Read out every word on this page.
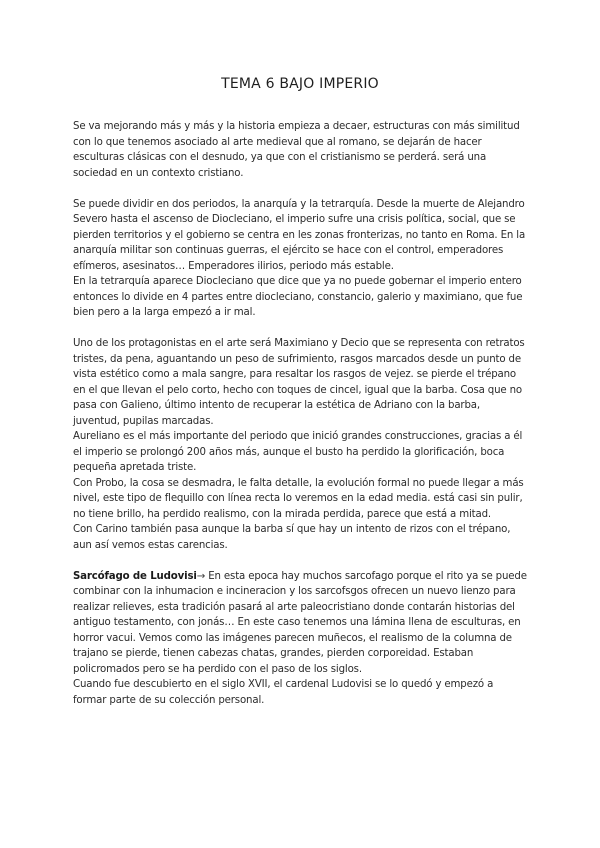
TEMA 6 BAJO IMPERIO

Se va mejorando más y más y la historia empieza a decaer, estructuras con más similitud con lo que tenemos asociado al arte medieval que al romano, se dejarán de hacer esculturas clásicas con el desnudo, ya que con el cristianismo se perderá. será una sociedad en un contexto cristiano.

Se puede dividir en dos periodos, la anarquía y la tetrarquía. Desde la muerte de Alejandro Severo hasta el ascenso de Diocleciano, el imperio sufre una crisis política, social, que se pierden territorios y el gobierno se centra en les zonas fronterizas, no tanto en Roma. En la anarquía militar son continuas guerras, el ejército se hace con el control, emperadores efímeros, asesinatos… Emperadores ilirios, periodo más estable.

En la tetrarquía aparece Diocleciano que dice que ya no puede gobernar el imperio entero entonces lo divide en 4 partes entre diocleciano, constancio, galerio y maximiano, que fue bien pero a la larga empezó a ir mal.

Uno de los protagonistas en el arte será Maximiano y Decio que se representa con retratos tristes, da pena, aguantando un peso de sufrimiento, rasgos marcados desde un punto de vista estético como a mala sangre, para resaltar los rasgos de vejez. se pierde el trépano en el que llevan el pelo corto, hecho con toques de cincel, igual que la barba. Cosa que no pasa con Galieno, último intento de recuperar la estética de Adriano con la barba, juventud, pupilas marcadas.

Aureliano es el más importante del periodo que inició grandes construcciones, gracias a él el imperio se prolongó 200 años más, aunque el busto ha perdido la glorificación, boca pequeña apretada triste.

Con Probo, la cosa se desmadra, le falta detalle, la evolución formal no puede llegar a más nivel, este tipo de flequillo con línea recta lo veremos en la edad media. está casi sin pulir, no tiene brillo, ha perdido realismo, con la mirada perdida, parece que está a mitad.

Con Carino también pasa aunque la barba sí que hay un intento de rizos con el trépano, aun así vemos estas carencias.

Sarcófago de Ludovisi→ En esta epoca hay muchos sarcofago porque el rito ya se puede combinar con la inhumacion e incineracion y los sarcofsgos ofrecen un nuevo lienzo para realizar relieves, esta tradición pasará al arte paleocristiano donde contarán historias del antiguo testamento, con jonás… En este caso tenemos una lámina llena de esculturas, en horror vacui. Vemos como las imágenes parecen muñecos, el realismo de la columna de trajano se pierde, tienen cabezas chatas, grandes, pierden corporeidad. Estaban policromados pero se ha perdido con el paso de los siglos.

Cuando fue descubierto en el siglo XVII, el cardenal Ludovisi se lo quedó y empezó a formar parte de su colección personal.
